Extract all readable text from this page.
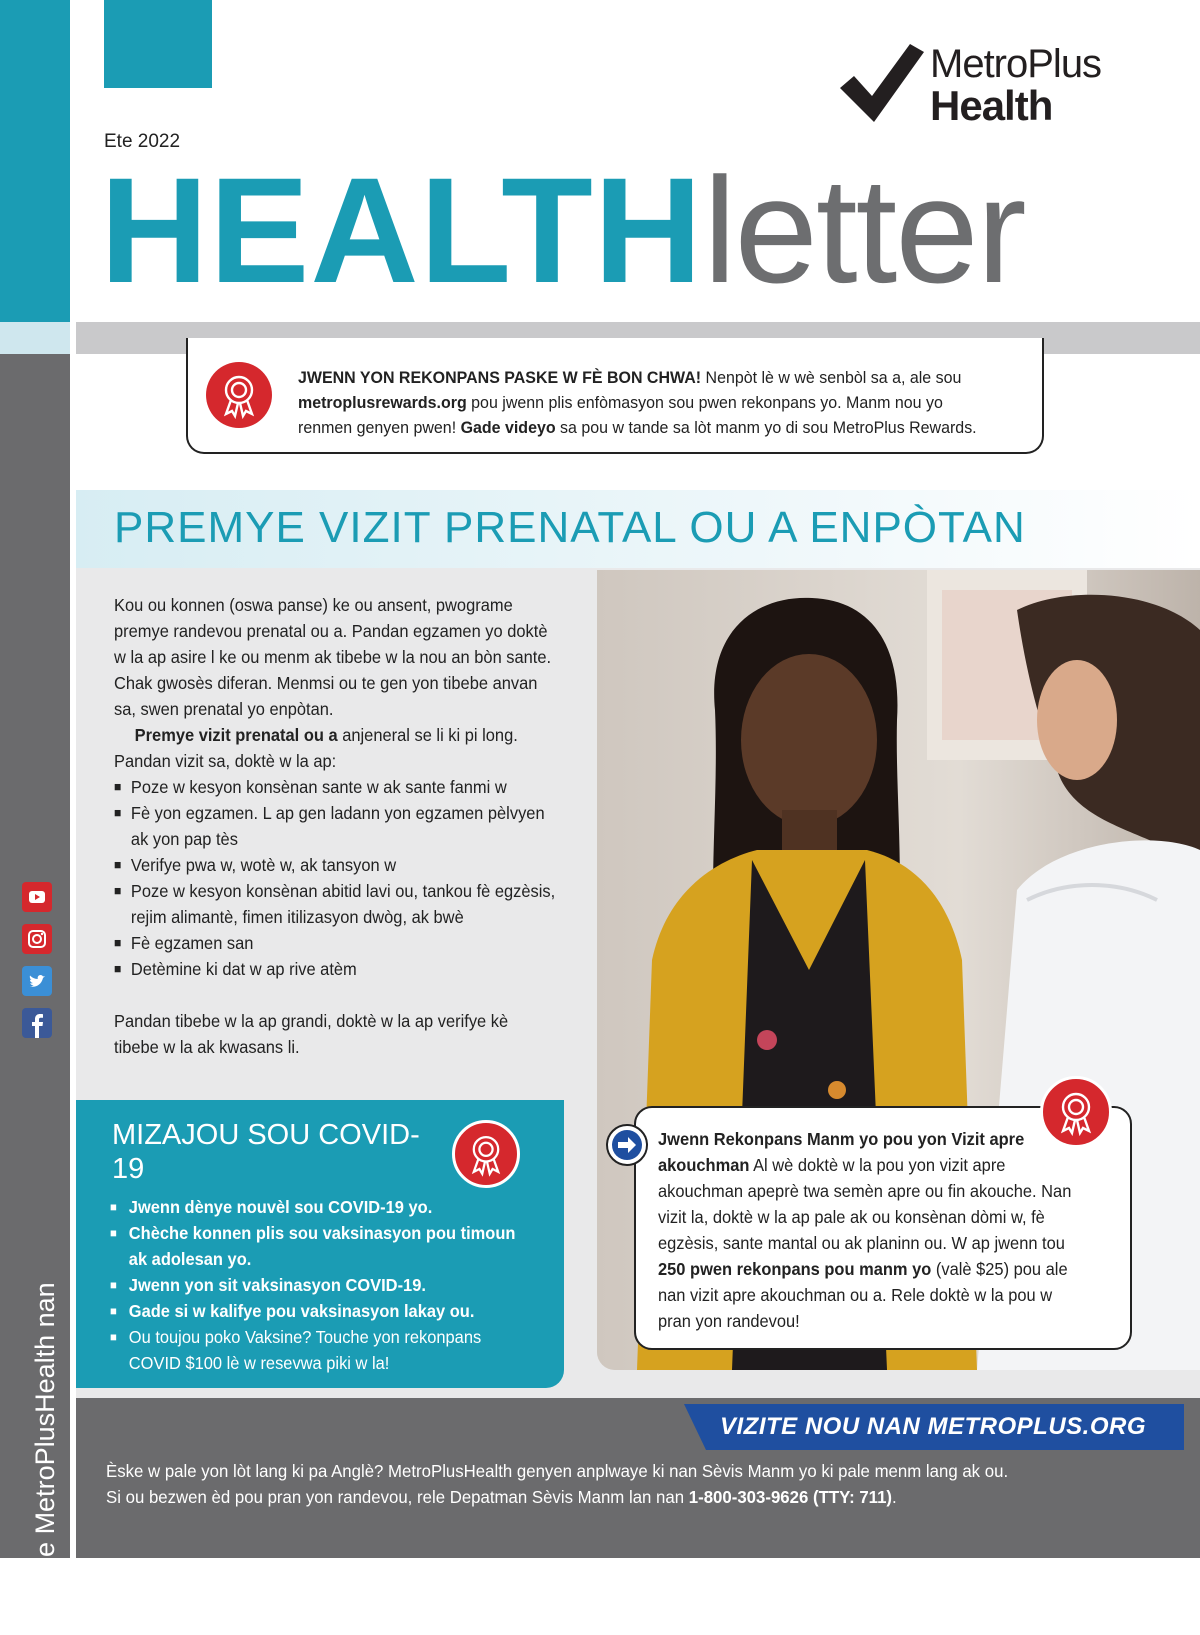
Chache MetroPlusHealth nan
Ete 2022
HEALTHletter
MetroPlus
Health
JWENN YON REKONPANS PASKE W FÈ BON CHWA! Nenpòt lè w wè senbòl sa a, ale sou metroplusrewards.org pou jwenn plis enfòmasyon sou pwen rekonpans yo. Manm nou yo renmen genyen pwen! Gade videyo sa pou w tande sa lòt manm yo di sou MetroPlus Rewards.
PREMYE VIZIT PRENATAL OU A ENPÒTAN

Kou ou konnen (oswa panse) ke ou ansent, pwograme premye randevou prenatal ou a. Pandan egzamen yo doktè w la ap asire l ke ou menm ak tibebe w la nou an bòn sante. Chak gwosès diferan. Menmsi ou te gen yon tibebe anvan sa, swen prenatal yo enpòtan.

Premye vizit prenatal ou a anjeneral se li ki pi long. Pandan vizit sa, doktè w la ap:

■ Poze w kesyon konsènan sante w ak sante fanmi w
■ Fè yon egzamen. L ap gen ladann yon egzamen pèlvyen ak yon pap tès
■ Verifye pwa w, wotè w, ak tansyon w
■ Poze w kesyon konsènan abitid lavi ou, tankou fè egzèsis, rejim alimantè, fimen itilizasyon dwòg, ak bwè
■ Fè egzamen san
■ Detèmine ki dat w ap rive atèm

Pandan tibebe w la ap grandi, doktè w la ap verifye kè tibebe w la ak kwasans li.

MIZAJOU SOU COVID-19
■ Jwenn dènye nouvèl sou COVID-19 yo.
■ Chèche konnen plis sou vaksinasyon pou timoun ak adolesan yo.
■ Jwenn yon sit vaksinasyon COVID-19.
■ Gade si w kalifye pou vaksinasyon lakay ou.
■ Ou toujou poko Vaksine? Touche yon rekonpans COVID $100 lè w resevwa piki w la!
Jwenn Rekonpans Manm yo pou yon Vizit apre akouchman Al wè doktè w la pou yon vizit apre akouchman apeprè twa semèn apre ou fin akouche. Nan vizit la, doktè w la ap pale ak ou konsènan dòmi w, fè egzèsis, sante mantal ou ak planinn ou. W ap jwenn tou 250 pwen rekonpans pou manm yo (valè $25) pou ale nan vizit apre akouchman ou a. Rele doktè w la pou w pran yon randevou!
VIZITE NOU NAN METROPLUS.ORG
Èske w pale yon lòt lang ki pa Anglè? MetroPlusHealth genyen anplwaye ki nan Sèvis Manm yo ki pale menm lang ak ou.
Si ou bezwen èd pou pran yon randevou, rele Depatman Sèvis Manm lan nan 1-800-303-9626 (TTY: 711).
